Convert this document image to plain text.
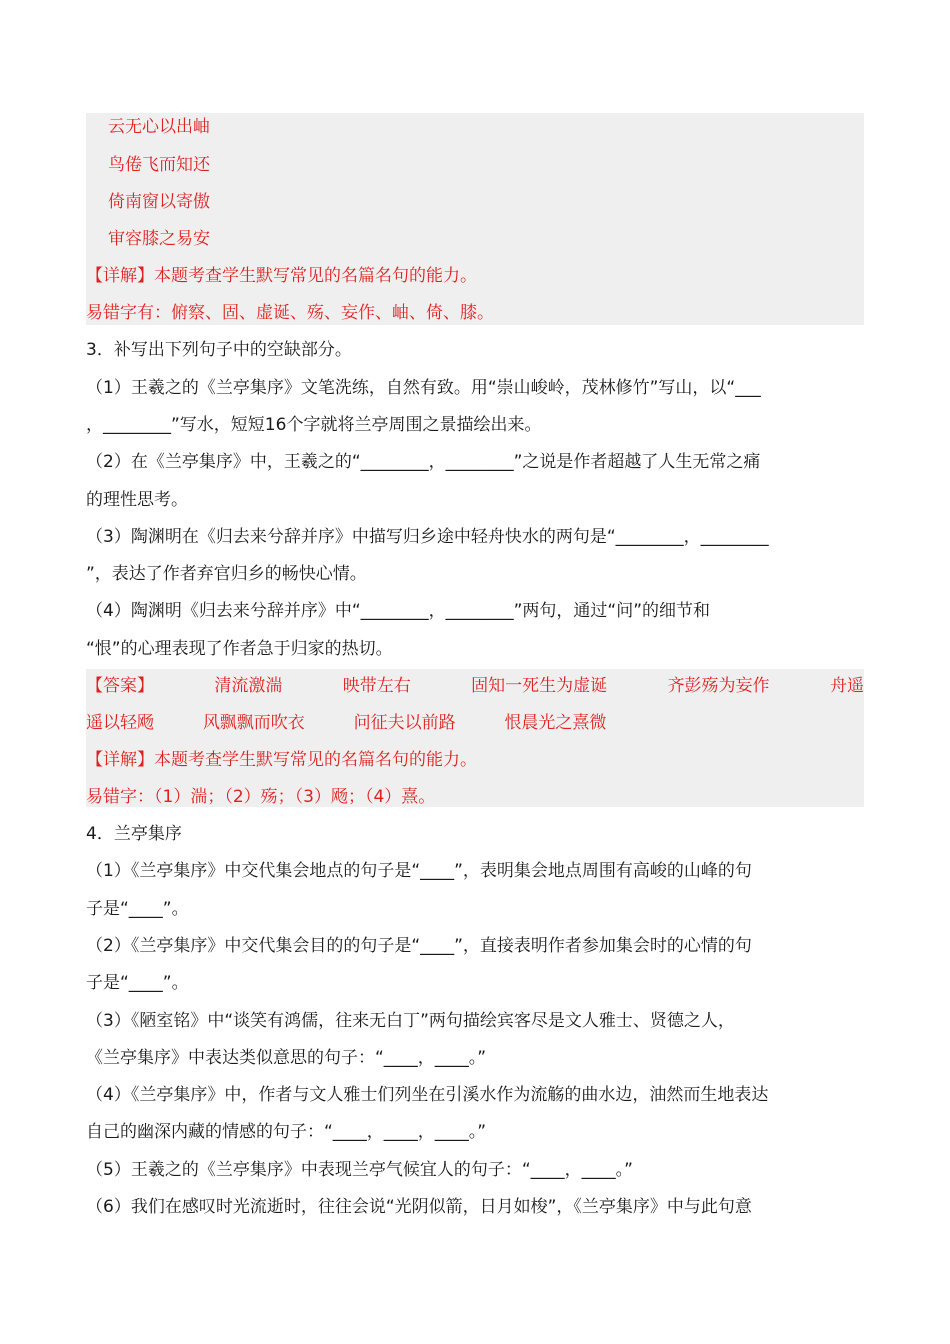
云无心以出岫
鸟倦飞而知还
倚南窗以寄傲
审容膝之易安
【详解】本题考查学生默写常见的名篇名句的能力。
易错字有：俯察、固、虚诞、殇、妄作、岫、倚、膝。
3．补写出下列句子中的空缺部分。
（1）王羲之的《兰亭集序》文笔洗练，自然有致。用“崇山峻岭，茂林修竹”写山，以“___
，________”写水，短短16个字就将兰亭周围之景描绘出来。
（2）在《兰亭集序》中，王羲之的“________，________”之说是作者超越了人生无常之痛
的理性思考。
（3）陶渊明在《归去来兮辞并序》中描写归乡途中轻舟快水的两句是“________，________
”，表达了作者弃官归乡的畅快心情。
（4）陶渊明《归去来兮辞并序》中“________，________”两句，通过“问”的细节和
“恨”的心理表现了作者急于归家的热切。
【答案】	清流激湍	映带左右	固知一死生为虚诞	齐彭殇为妄作	舟遥
遥以轻飏	风飘飘而吹衣	问征夫以前路	恨晨光之熹微
【详解】本题考查学生默写常见的名篇名句的能力。
易错字：（1）湍；（2）殇；（3）飏；（4）熹。
4．兰亭集序
（1）《兰亭集序》中交代集会地点的句子是“____”，表明集会地点周围有高峻的山峰的句
子是“____”。
（2）《兰亭集序》中交代集会目的的句子是“____”，直接表明作者参加集会时的心情的句
子是“____”。
（3）《陋室铭》中“谈笑有鸿儒，往来无白丁”两句描绘宾客尽是文人雅士、贤德之人，
《兰亭集序》中表达类似意思的句子：“____，____。”
（4）《兰亭集序》中，作者与文人雅士们列坐在引溪水作为流觞的曲水边，油然而生地表达
自己的幽深内藏的情感的句子：“____，____，____。”
（5）王羲之的《兰亭集序》中表现兰亭气候宜人的句子：“____，____。”
（6）我们在感叹时光流逝时，往往会说“光阴似箭，日月如梭”，《兰亭集序》中与此句意
